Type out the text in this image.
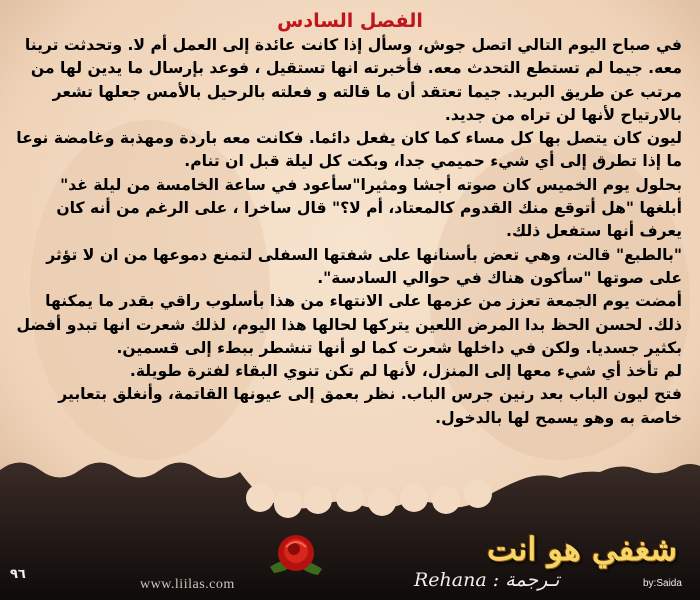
الفصل السادس

في صباح اليوم التالي اتصل جوش، وسأل إذا كانت عائدة إلى العمل أم لا. وتحدثت ترينا معه. جيما لم تستطع التحدث معه. فأخبرته انها تستقيل ، فوعد بإرسال ما يدين لها من مرتب عن طريق البريد. جيما تعتقد أن ما قالته و فعلته بالرحيل بالأمس جعلها تشعر بالارتياح لأنها لن تراه من جديد.

ليون كان يتصل بها كل مساء كما كان يفعل دائما. فكانت معه باردة ومهذبة وغامضة نوعا ما إذا تطرق إلى أي شيء حميمي جدا، وبكت كل ليلة قبل ان تنام.

بحلول يوم الخميس كان صوته أجشا ومثيرا"سأعود في ساعة الخامسة من ليلة غد" أبلغها "هل أتوقع منك القدوم كالمعتاد، أم لا؟" قال ساخرا ، على الرغم من أنه كان يعرف أنها ستفعل ذلك.

"بالطبع" قالت، وهي تعض بأسنانها على شفتها السفلى لتمنع دموعها من ان لا تؤثر على صوتها "سأكون هناك في حوالي السادسة".

أمضت يوم الجمعة تعزز من عزمها على الانتهاء من هذا بأسلوب راقي بقدر ما يمكنها ذلك. لحسن الحظ بدا المرض اللعين يتركها لحالها هذا اليوم، لذلك شعرت انها تبدو أفضل بكثير جسديا. ولكن في داخلها شعرت كما لو أنها تنشطر ببطء إلى قسمين.

لم تأخذ أي شيء معها إلى المنزل، لأنها لم تكن تنوي البقاء لفترة طويلة.

فتح ليون الباب بعد رنين جرس الباب. نظر بعمق إلى عيونها القاتمة، وأنغلق بتعابير خاصة به وهو يسمح لها بالدخول.

شغفي هو انت
٩٦
www.liilas.com	Rehana : تـرجمة	by:Saida
